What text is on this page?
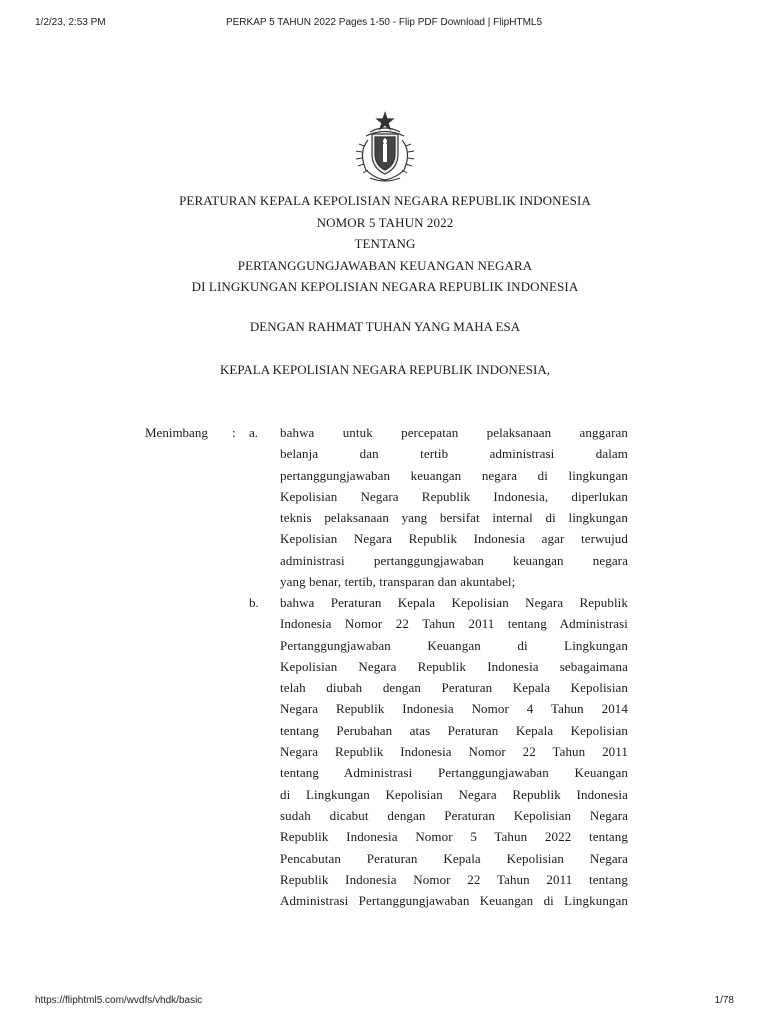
1/2/23, 2:53 PM	PERKAP 5 TAHUN 2022 Pages 1-50 - Flip PDF Download | FlipHTML5
PERATURAN KEPALA KEPOLISIAN NEGARA REPUBLIK INDONESIA
NOMOR 5 TAHUN 2022
TENTANG
PERTANGGUNGJAWABAN KEUANGAN NEGARA
DI LINGKUNGAN KEPOLISIAN NEGARA REPUBLIK INDONESIA
DENGAN RAHMAT TUHAN YANG MAHA ESA
KEPALA KEPOLISIAN NEGARA REPUBLIK INDONESIA,
Menimbang : a. bahwa untuk percepatan pelaksanaan anggaran
belanja dan tertib administrasi dalam
pertanggungjawaban keuangan negara di lingkungan
Kepolisian Negara Republik Indonesia, diperlukan
teknis pelaksanaan yang bersifat internal di lingkungan
Kepolisian Negara Republik Indonesia agar terwujud
administrasi pertanggungjawaban keuangan negara
yang benar, tertib, transparan dan akuntabel;
b. bahwa Peraturan Kepala Kepolisian Negara Republik
Indonesia Nomor 22 Tahun 2011 tentang Administrasi
Pertanggungjawaban Keuangan di Lingkungan
Kepolisian Negara Republik Indonesia sebagaimana
telah diubah dengan Peraturan Kepala Kepolisian
Negara Republik Indonesia Nomor 4 Tahun 2014
tentang Perubahan atas Peraturan Kepala Kepolisian
Negara Republik Indonesia Nomor 22 Tahun 2011
tentang Administrasi Pertanggungjawaban Keuangan
di Lingkungan Kepolisian Negara Republik Indonesia
sudah dicabut dengan Peraturan Kepolisian Negara
Republik Indonesia Nomor 5 Tahun 2022 tentang
Pencabutan Peraturan Kepala Kepolisian Negara
Republik Indonesia Nomor 22 Tahun 2011 tentang
Administrasi Pertanggungjawaban Keuangan di Lingkungan
https://fliphtml5.com/wvdfs/vhdk/basic	1/78
